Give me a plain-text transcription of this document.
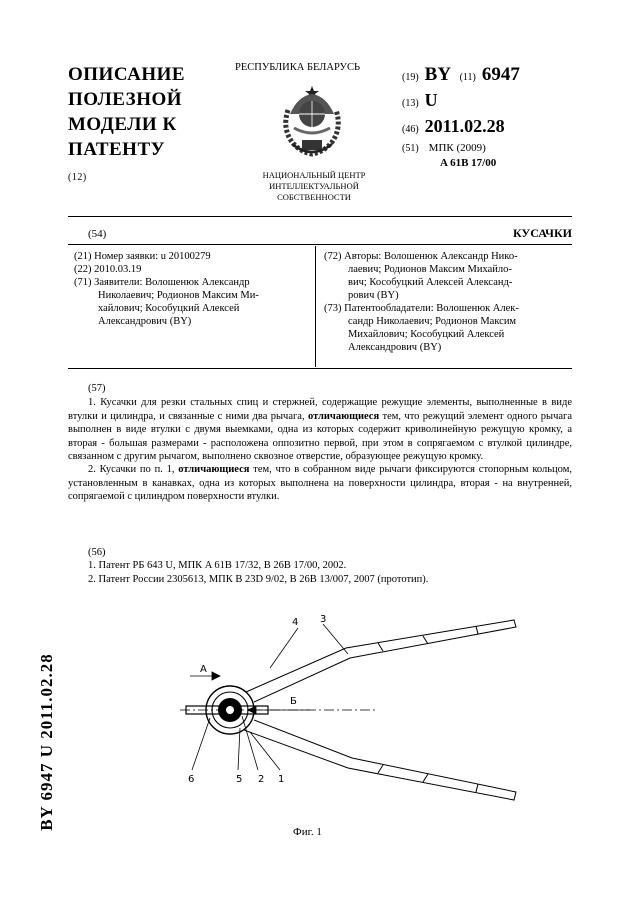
ОПИСАНИЕ
ПОЛЕЗНОЙ
МОДЕЛИ К
ПАТЕНТУ
(12)
РЕСПУБЛИКА БЕЛАРУСЬ
НАЦИОНАЛЬНЫЙ ЦЕНТР
ИНТЕЛЛЕКТУАЛЬНОЙ
СОБСТВЕННОСТИ
(19) BY (11) 6947
(13) U
(46) 2011.02.28
(51) МПК (2009)
A 61B 17/00
(54)	КУСАЧКИ
(21) Номер заявки: u 20100279
(22) 2010.03.19
(71) Заявители: Волошенюк Александр
Николаевич; Родионов Максим Ми-
хайлович; Кособуцкий Алексей
Александрович (BY)
(72) Авторы: Волошенюк Александр Нико-
лаевич; Родионов Максим Михайло-
вич; Кособуцкий Алексей Александ-
рович (BY)
(73) Патентообладатели: Волошенюк Алек-
сандр Николаевич; Родионов Максим
Михайлович; Кособуцкий Алексей
Александрович (BY)
(57)

1. Кусачки для резки стальных спиц и стержней, содержащие режущие элементы, выполненные в виде втулки и цилиндра, и связанные с ними два рычага, отличающиеся тем, что режущий элемент одного рычага выполнен в виде втулки с двумя выемками, одна из которых содержит криволинейную режущую кромку, а вторая - большая размерами - расположена оппозитно первой, при этом в сопрягаемом с втулкой цилиндре, связанном с другим рычагом, выполнено сквозное отверстие, образующее режущую кромку.

2. Кусачки по п. 1, отличающиеся тем, что в собранном виде рычаги фиксируются стопорным кольцом, установленным в канавках, одна из которых выполнена на поверхности цилиндра, вторая - на внутренней, сопрягаемой с цилиндром поверхности втулки.

(56)
1. Патент РБ 643 U, МПК A 61B 17/32, B 26B 17/00, 2002.
2. Патент России 2305613, МПК B 23D 9/02, B 26B 13/007, 2007 (прототип).
BY 6947 U 2011.02.28	А
Б
4 3
1
2
5
6
Фиг. 1
